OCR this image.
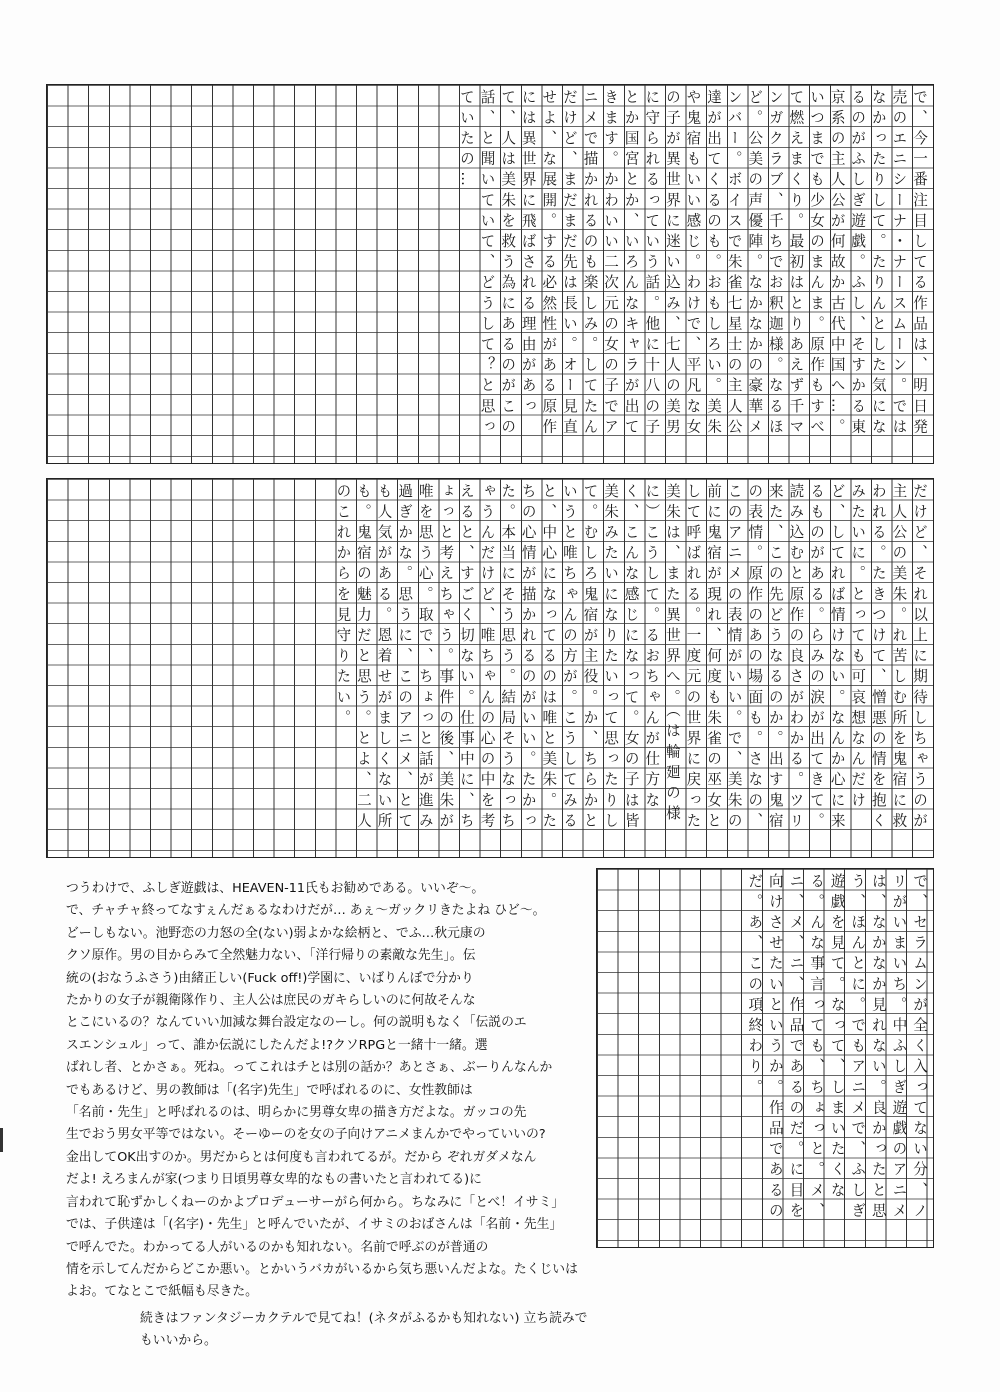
で、今一番注目してる作品は、明日発売のエニシーナ・ナースムーン。ではなかったりして。たりんとした気になるのがふしぎ遊戯。ふし、そすかる東京系の主人公が何故か古代中国へ…。いつまでも少女のまんま。原作もすべて燃えまくり。最初はとりあえず千マンガクラブ、千ちでお釈迦様。なるほど。公美の声優陣。なかなかの豪華メンバー。ボイスで朱雀七星士の主人公達が出てくるのも。おもしろい。美朱や鬼宿もいい感じ。わけで、平凡な女の子が異世界に迷い込み、七人の美男に守られるっていう話。他に十八の子とか国宮とか、いろんなキャラが出てきます。かわいい二次元の女の子でアニメで描かれるのも楽しみ。してたんだけど、まだまだ先は長い。オー見直せよ、な展開。する必然性がある原作には異世界に飛ばされる理由があって、人は美朱を救う為にあるのがこの話、と聞いていて、どうして？と思っていたの…
だけど、それ以上に期待しちゃうのが主人公の美朱。れ苦しむ所を鬼宿に救われる。たきつけて、憎悪の情を抱くみたいに。とっても可哀想なんだけど、してれば情けない。なんか心に来るものがある。らみの涙が出てきて。読み込むと原作の良さがわかる。ツリ来た、この先どうなるのか。出す鬼宿の表情。原作のあの場面も。さなの、このアニメの表情がいい。で、美朱の前に鬼宿が現れ、何度も朱雀の巫女として呼ばれる。一度元の世界に戻った美朱は、また異世界へ。（は輪廻の様に）こうして。るおちゃんが仕方なく、こんな感じになって。女の子は皆美朱みたいになりたいって思ったりして。むしろ鬼宿が主役。か、ちらかというと唯ちゃんの方が。こうしてみると、中心になってるのは唯と美朱。たちの心情が描かれるのがいい。たかった。本当にそう思う。結局そうなっちゃうんだけど、唯ちゃんの心の中を考えると、すごく切ない。仕事中に、ちょっと考えちゃう。事件の後、美朱が唯を思う心。取で、ちょっと話が進み過ぎかな。思うに、このアニメ、とても人気がある。恩着せがましくない所も。鬼宿の魅力だと思う。とよ、二人のこれからを見守りたい。
で、セラムンが全く入ってない分、ノリがいまいち。中ふしぎ遊戯のアニメは、なかなか見れない。良かったと思う、ほんとに。でもアニメで、ふしぎ遊戯を見て。なって、しまいたくなる。んな事言っても、ちょっと。メ、ニ、メ、ニ、作品であるのだ。に目を向けさせたいというか。作品であるのだ。あ、この項終わり。

つうわけで、ふしぎ遊戯は、HEAVEN-11氏もお勧めである。いいぞ〜。

で、チャチャ終ってなすぇんだぁるなわけだが… あぇ〜ガックリきたよね ひど〜。

どーしもない。池野恋の力怒の全(ない)弱よかな絵柄と、でふ…秋元康の

クソ原作。男の目からみて全然魅力ない、「洋行帰りの素敵な先生」。伝

統の(おなうふさう)由緒正しい(Fuck off!)学園に、いばりんぼで分かり

たかりの女子が親衛隊作り、主人公は庶民のガキらしいのに何故そんな

とこにいるの？なんていい加減な舞台設定なのーし。何の説明もなく「伝説のエ

スエンシュル」って、誰か伝説にしたんだよ!?クソRPGと一緒十一緒。選

ばれし者、とかさぁ。死ね。ってこれはチとは別の話か？あとさぁ、ぶーりんなんか

でもあるけど、男の教師は「(名字)先生」で呼ばれるのに、女性教師は

「名前・先生」と呼ばれるのは、明らかに男尊女卑の描き方だよな。ガッコの先

生でおう男女平等ではない。そーゆーのを女の子向けアニメまんかでやっていいの?

金出してOK出すのか。男だからとは何度も言われてるが。だから ぞれガダメなん

だよ! えろまんが家(つまり日頃男尊女卑的なもの書いたと言われてる)に

言われて恥ずかしくねーのかよプロデューサーがら何から。ちなみに「とべ！イサミ」

では、子供達は「(名字)・先生」と呼んでいたが、イサミのおばさんは「名前・先生」

で呼んでた。わかってる人がいるのかも知れない。名前で呼ぶのが普通の

情を示してんだからどこか悪い。とかいうバカがいるから気ち悪いんだよな。たくじいはよお。てなとこで紙幅も尽きた。

続きはファンタジーカクテルで見てね！(ネタがふるかも知れない) 立ち読みでもいいから。
